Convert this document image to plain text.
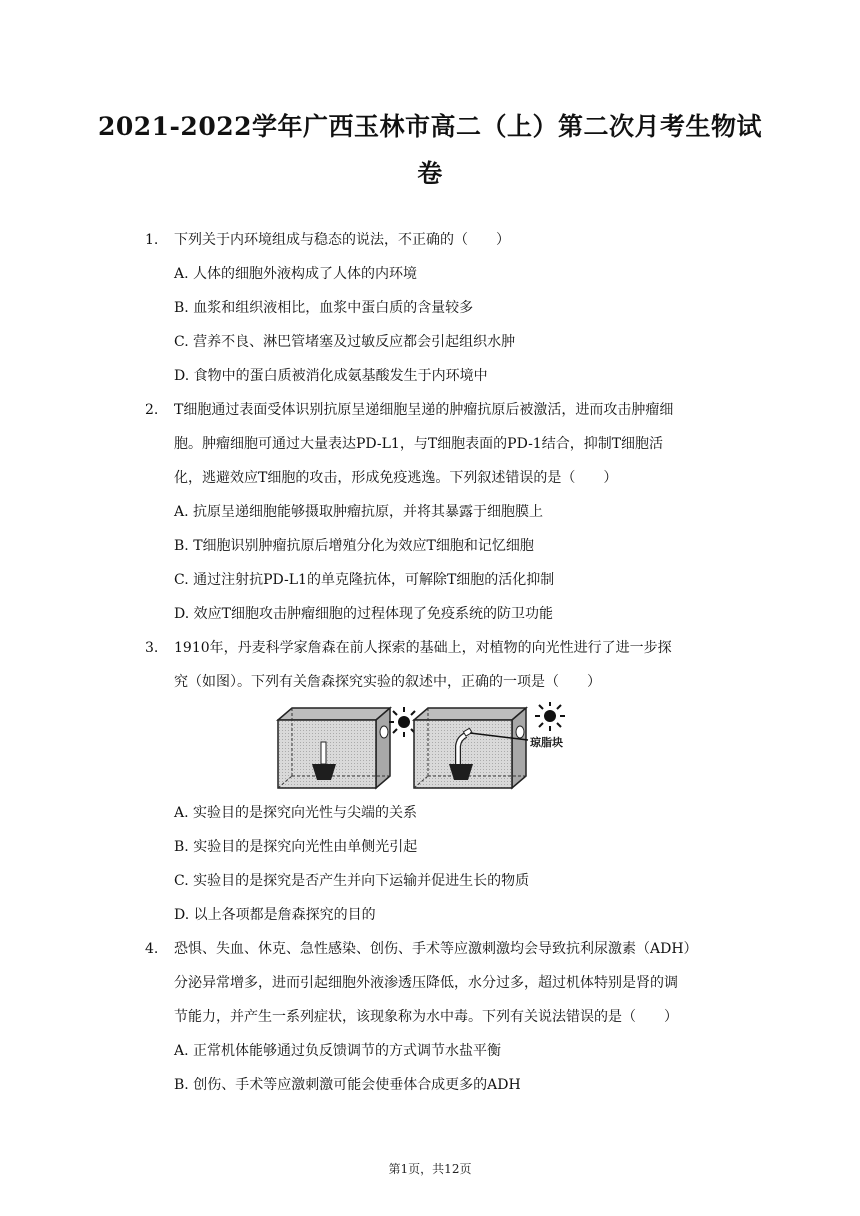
2021-2022学年广西玉林市高二（上）第二次月考生物试
卷
1.	下列关于内环境组成与稳态的说法，不正确的（　　）
A. 人体的细胞外液构成了人体的内环境
B. 血浆和组织液相比，血浆中蛋白质的含量较多
C. 营养不良、淋巴管堵塞及过敏反应都会引起组织水肿
D. 食物中的蛋白质被消化成氨基酸发生于内环境中
2.	T细胞通过表面受体识别抗原呈递细胞呈递的肿瘤抗原后被激活，进而攻击肿瘤细
胞。肿瘤细胞可通过大量表达PD-L1，与T细胞表面的PD-1结合，抑制T细胞活
化，逃避效应T细胞的攻击，形成免疫逃逸。下列叙述错误的是（　　）
A. 抗原呈递细胞能够摄取肿瘤抗原，并将其暴露于细胞膜上
B. T细胞识别肿瘤抗原后增殖分化为效应T细胞和记忆细胞
C. 通过注射抗PD-L1的单克隆抗体，可解除T细胞的活化抑制
D. 效应T细胞攻击肿瘤细胞的过程体现了免疫系统的防卫功能
3.	1910年，丹麦科学家詹森在前人探索的基础上，对植物的向光性进行了进一步探
究（如图）。下列有关詹森探究实验的叙述中，正确的一项是（　　）
A. 实验目的是探究向光性与尖端的关系
B. 实验目的是探究向光性由单侧光引起
C. 实验目的是探究是否产生并向下运输并促进生长的物质
D. 以上各项都是詹森探究的目的
琼脂块
4.	恐惧、失血、休克、急性感染、创伤、手术等应激刺激均会导致抗利尿激素（ADH）
分泌异常增多，进而引起细胞外液渗透压降低，水分过多，超过机体特别是肾的调
节能力，并产生一系列症状，该现象称为水中毒。下列有关说法错误的是（　　）
A. 正常机体能够通过负反馈调节的方式调节水盐平衡
B. 创伤、手术等应激刺激可能会使垂体合成更多的ADH
第1页，共12页
